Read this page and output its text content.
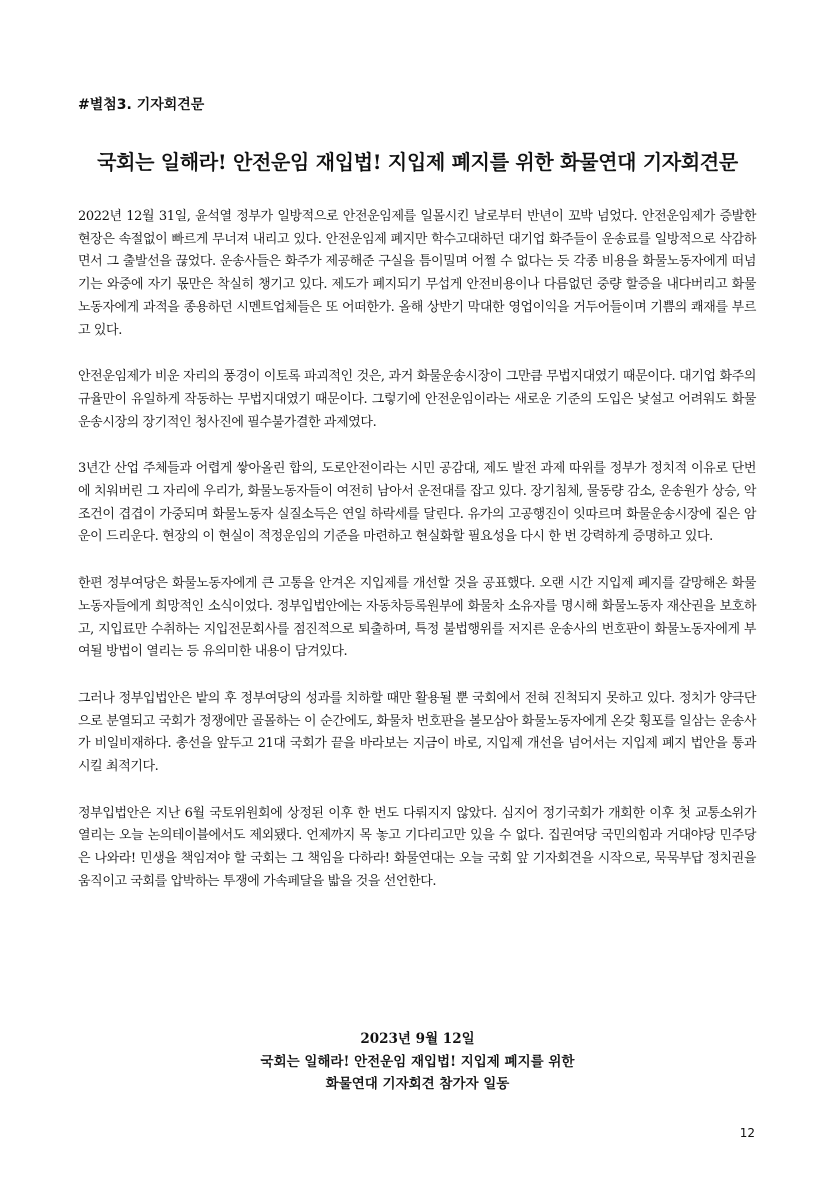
#별첨3. 기자회견문
국회는 일해라! 안전운임 재입법! 지입제 폐지를 위한 화물연대 기자회견문

2022년 12월 31일, 윤석열 정부가 일방적으로 안전운임제를 일몰시킨 날로부터 반년이 꼬박 넘었다. 안전운임제가 증발한 현장은 속절없이 빠르게 무너져 내리고 있다. 안전운임제 폐지만 학수고대하던 대기업 화주들이 운송료를 일방적으로 삭감하면서 그 출발선을 끊었다. 운송사들은 화주가 제공해준 구실을 틈이밀며 어쩔 수 없다는 듯 각종 비용을 화물노동자에게 떠넘기는 와중에 자기 몫만은 착실히 챙기고 있다. 제도가 폐지되기 무섭게 안전비용이나 다름없던 중량 할증을 내다버리고 화물노동자에게 과적을 종용하던 시멘트업체들은 또 어떠한가. 올해 상반기 막대한 영업이익을 거두어들이며 기쁨의 쾌재를 부르고 있다.

안전운임제가 비운 자리의 풍경이 이토록 파괴적인 것은, 과거 화물운송시장이 그만큼 무법지대였기 때문이다. 대기업 화주의 규율만이 유일하게 작동하는 무법지대였기 때문이다. 그렇기에 안전운임이라는 새로운 기준의 도입은 낯설고 어려워도 화물운송시장의 장기적인 청사진에 필수불가결한 과제였다.

3년간 산업 주체들과 어렵게 쌓아올린 합의, 도로안전이라는 시민 공감대, 제도 발전 과제 따위를 정부가 정치적 이유로 단번에 치워버린 그 자리에 우리가, 화물노동자들이 여전히 남아서 운전대를 잡고 있다. 장기침체, 물동량 감소, 운송원가 상승, 악조건이 겹겹이 가중되며 화물노동자 실질소득은 연일 하락세를 달린다. 유가의 고공행진이 잇따르며 화물운송시장에 짙은 암운이 드리운다. 현장의 이 현실이 적정운임의 기준을 마련하고 현실화할 필요성을 다시 한 번 강력하게 증명하고 있다.

한편 정부여당은 화물노동자에게 큰 고통을 안겨온 지입제를 개선할 것을 공표했다. 오랜 시간 지입제 폐지를 갈망해온 화물노동자들에게 희망적인 소식이었다. 정부입법안에는 자동차등록원부에 화물차 소유자를 명시해 화물노동자 재산권을 보호하고, 지입료만 수취하는 지입전문회사를 점진적으로 퇴출하며, 특정 불법행위를 저지른 운송사의 번호판이 화물노동자에게 부여될 방법이 열리는 등 유의미한 내용이 담겨있다.

그러나 정부입법안은 밭의 후 정부여당의 성과를 치하할 때만 활용될 뿐 국회에서 전혀 진척되지 못하고 있다. 정치가 양극단으로 분열되고 국회가 정쟁에만 골몰하는 이 순간에도, 화물차 번호판을 볼모삼아 화물노동자에게 온갖 횡포를 일삼는 운송사가 비일비재하다. 총선을 앞두고 21대 국회가 끝을 바라보는 지금이 바로, 지입제 개선을 넘어서는 지입제 폐지 법안을 통과시킬 최적기다.

정부입법안은 지난 6월 국토위원회에 상정된 이후 한 번도 다뤄지지 않았다. 심지어 정기국회가 개회한 이후 첫 교통소위가 열리는 오늘 논의테이블에서도 제외됐다. 언제까지 목 놓고 기다리고만 있을 수 없다. 집권여당 국민의힘과 거대야당 민주당은 나와라! 민생을 책임져야 할 국회는 그 책임을 다하라! 화물연대는 오늘 국회 앞 기자회견을 시작으로, 묵묵부답 정치권을 움직이고 국회를 압박하는 투쟁에 가속페달을 밟을 것을 선언한다.

2023년 9월 12일
국회는 일해라! 안전운임 재입법! 지입제 폐지를 위한
화물연대 기자회견 참가자 일동
12
